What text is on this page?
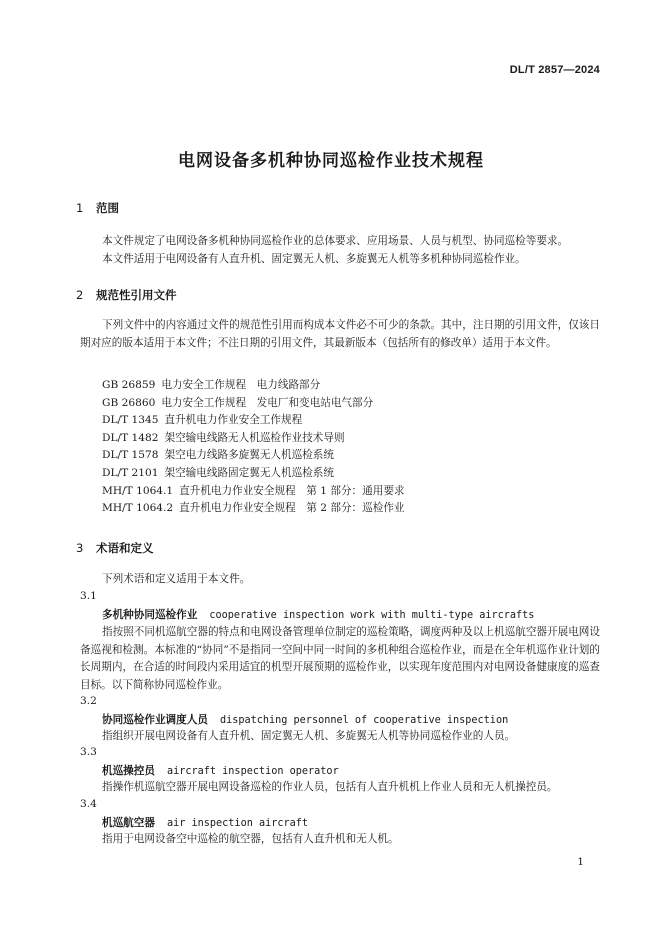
DL/T 2857—2024
电网设备多机种协同巡检作业技术规程
1 范围
本文件规定了电网设备多机种协同巡检作业的总体要求、应用场景、人员与机型、协同巡检等要求。
本文件适用于电网设备有人直升机、固定翼无人机、多旋翼无人机等多机种协同巡检作业。
2 规范性引用文件
下列文件中的内容通过文件的规范性引用而构成本文件必不可少的条款。其中，注日期的引用文件，仅该日期对应的版本适用于本文件；不注日期的引用文件，其最新版本（包括所有的修改单）适用于本文件。
GB 26859 电力安全工作规程　电力线路部分
GB 26860 电力安全工作规程　发电厂和变电站电气部分
DL/T 1345 直升机电力作业安全工作规程
DL/T 1482 架空输电线路无人机巡检作业技术导则
DL/T 1578 架空电力线路多旋翼无人机巡检系统
DL/T 2101 架空输电线路固定翼无人机巡检系统
MH/T 1064.1 直升机电力作业安全规程　第 1 部分：通用要求
MH/T 1064.2 直升机电力作业安全规程　第 2 部分：巡检作业
3 术语和定义
下列术语和定义适用于本文件。
3.1
多机种协同巡检作业 cooperative inspection work with multi-type aircrafts
指按照不同机巡航空器的特点和电网设备管理单位制定的巡检策略，调度两种及以上机巡航空器开展电网设备巡视和检测。本标准的“协同”不是指同一空间中同一时间的多机种组合巡检作业，而是在全年机巡作业计划的长周期内，在合适的时间段内采用适宜的机型开展预期的巡检作业，以实现年度范围内对电网设备健康度的巡查目标。以下简称协同巡检作业。
3.2
协同巡检作业调度人员 dispatching personnel of cooperative inspection
指组织开展电网设备有人直升机、固定翼无人机、多旋翼无人机等协同巡检作业的人员。
3.3
机巡操控员 aircraft inspection operator
指操作机巡航空器开展电网设备巡检的作业人员，包括有人直升机机上作业人员和无人机操控员。
3.4
机巡航空器 air inspection aircraft
指用于电网设备空中巡检的航空器，包括有人直升机和无人机。
1
